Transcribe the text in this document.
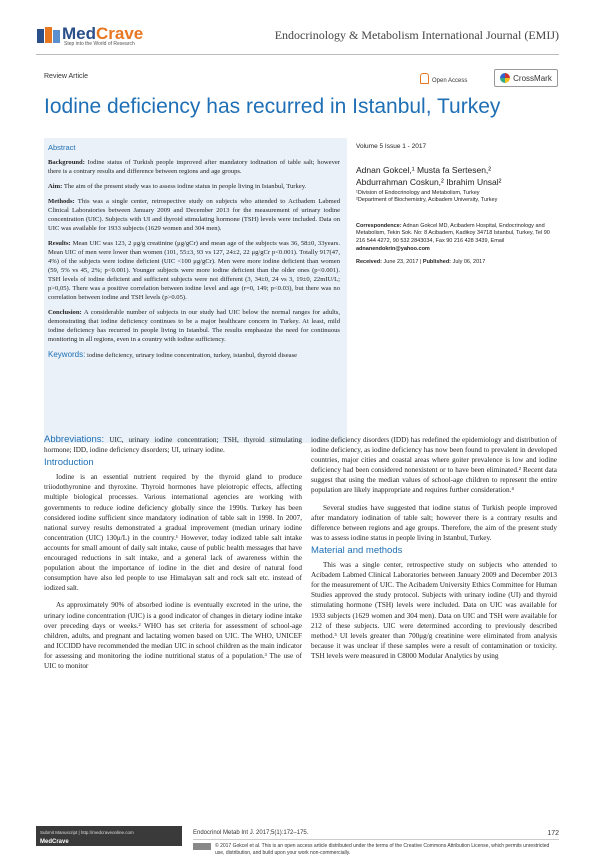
MedCrave
Step into the World of Research
Endocrinology & Metabolism International Journal (EMIJ)
Review Article
Open Access	CrossMark
Iodine deficiency has recurred in Istanbul, Turkey
Abstract

Background: Iodine status of Turkish people improved after mandatory iodination of table salt; however there is a contrary results and difference between regions and age groups.

Aim: The aim of the present study was to assess iodine status in people living in Istanbul, Turkey.

Methods: This was a single center, retrospective study on subjects who attended to Acibadem Labmed Clinical Laboratories between January 2009 and December 2013 for the measurement of urinary iodine concentration (UIC). Subjects with UI and thyroid stimulating hormone (TSH) levels were included. Data on UIC was available for 1933 subjects (1629 women and 304 men).

Results: Mean UIC was 123, 2 μg/g creatinine (μg/gCr) and mean age of the subjects was 36, 58±0, 33years. Mean UIC of men were lower than women (101, 55±3, 93 vs 127, 24±2, 22 μg/gCr p<0.001). Totally 917(47, 4%) of the subjects were iodine deficient (UIC <100 μg/gCr). Men were more iodine deficient than women (59, 5% vs 45, 2%; p<0.001). Younger subjects were more iodine deficient than the older ones (p<0.001). TSH levels of iodine deficient and sufficient subjects were not different (3, 34±0, 24 vs 3, 19±0, 22mIU/L; p>0,05). There was a positive correlation between iodine level and age (r=0, 149; p<0.03), but there was no correlation between iodine and TSH levels (p>0.05).

Conclusion: A considerable number of subjects in our study had UIC below the normal ranges for adults, demonstrating that iodine deficiency continues to be a major healthcare concern in Turkey. At least, mild iodine deficiency has recurred in people living in Istanbul. The results emphasize the need for continuous monitoring in all regions, even in a country with iodine sufficiency.

Keywords: iodine deficiency, urinary iodine concentration, turkey, istanbul, thyroid disease

Volume 5 Issue 1 - 2017
Adnan Gokcel,¹ Musta fa Sertesen,²
Abdurrahman Coskun,² Ibrahim Unsal²
¹Division of Endocrinology and Metabolism, Turkey
²Department of Biochemistry, Acibadem University, Turkey
Correspondence: Adnan Gokcel MD, Acibadem Hospital, Endocrinology and Metabolism, Tekin Sok. No: 8 Acibadem, Kadikoy 34718 Istanbul, Turkey, Tel 90 216 544 4272, 90 532 2843034, Fax 90 216 428 3439, Email adnanendokrin@yahoo.com
Received: June 23, 2017 | Published: July 06, 2017

Abbreviations: UIC, urinary iodine concentration; TSH, thyroid stimulating hormone; IDD, iodine deficiency disorders; UI, urinary iodine.

Introduction

Iodine is an essential nutrient required by the thyroid gland to produce triiodothyronine and thyroxine. Thyroid hormones have pleiotropic effects, affecting multiple biological processes. Various international agencies are working with governments to reduce iodine deficiency globally since the 1990s. Turkey has been considered iodine sufficient since mandatory iodination of table salt in 1998. In 2007, national survey results demonstrated a gradual improvement (median urinary iodine concentration (UIC) 130μ/L) in the country.¹ However, today iodized table salt intake accounts for small amount of daily salt intake, cause of public health messages that have encouraged reductions in salt intake, and a general lack of awareness within the population about the importance of iodine in the diet and desire of natural food consumption have also led people to use Himalayan salt and rock salt etc. instead of iodized salt.

As approximately 90% of absorbed iodine is eventually excreted in the urine, the urinary iodine concentration (UIC) is a good indicator of changes in dietary iodine intake over preceding days or weeks.² WHO has set criteria for assessment of school-age children, adults, and pregnant and lactating women based on UIC. The WHO, UNICEF and ICCIDD have recommended the median UIC in school children as the main indicator for assessing and monitoring the iodine nutritional status of a population.³ The use of UIC to monitor

iodine deficiency disorders (IDD) has redefined the epidemiology and distribution of iodine deficiency, as iodine deficiency has now been found to prevalent in developed countries, major cities and coastal areas where goiter prevalence is low and iodine deficiency had been considered nonexistent or to have been eliminated.² Recent data suggest that using the median values of school-age children to represent the entire population are likely inappropriate and requires further consideration.⁴

Several studies have suggested that iodine status of Turkish people improved after mandatory iodination of table salt; however there is a contrary results and difference between regions and age groups. Therefore, the aim of the present study was to assess iodine status in people living in Istanbul, Turkey.

Material and methods

This was a single center, retrospective study on subjects who attended to Acibadem Labmed Clinical Laboratories between January 2009 and December 2013 for the measurement of UIC. The Acibadem University Ethics Committee for Human Studies approved the study protocol. Subjects with urinary iodine (UI) and thyroid stimulating hormone (TSH) levels were included. Data on UIC was available for 1933 subjects (1629 women and 304 men). Data on UIC and TSH were available for 212 of these subjects. UIC were determined according to previously described method.⁵ UI levels greater than 700μg/g creatinine were eliminated from analysis because it was unclear if these samples were a result of contamination or toxicity. TSH levels were measured in C8000 Modular Analytics by using

Submit Manuscript | http://medcraveonline.com
MedCrave
Endocrinol Metab Int J. 2017;5(1):172–175.	172
© 2017 Gokcel et al. This is an open access article distributed under the terms of the Creative Commons Attribution License, which permits unrestricted use, distribution, and build upon your work non-commercially.
